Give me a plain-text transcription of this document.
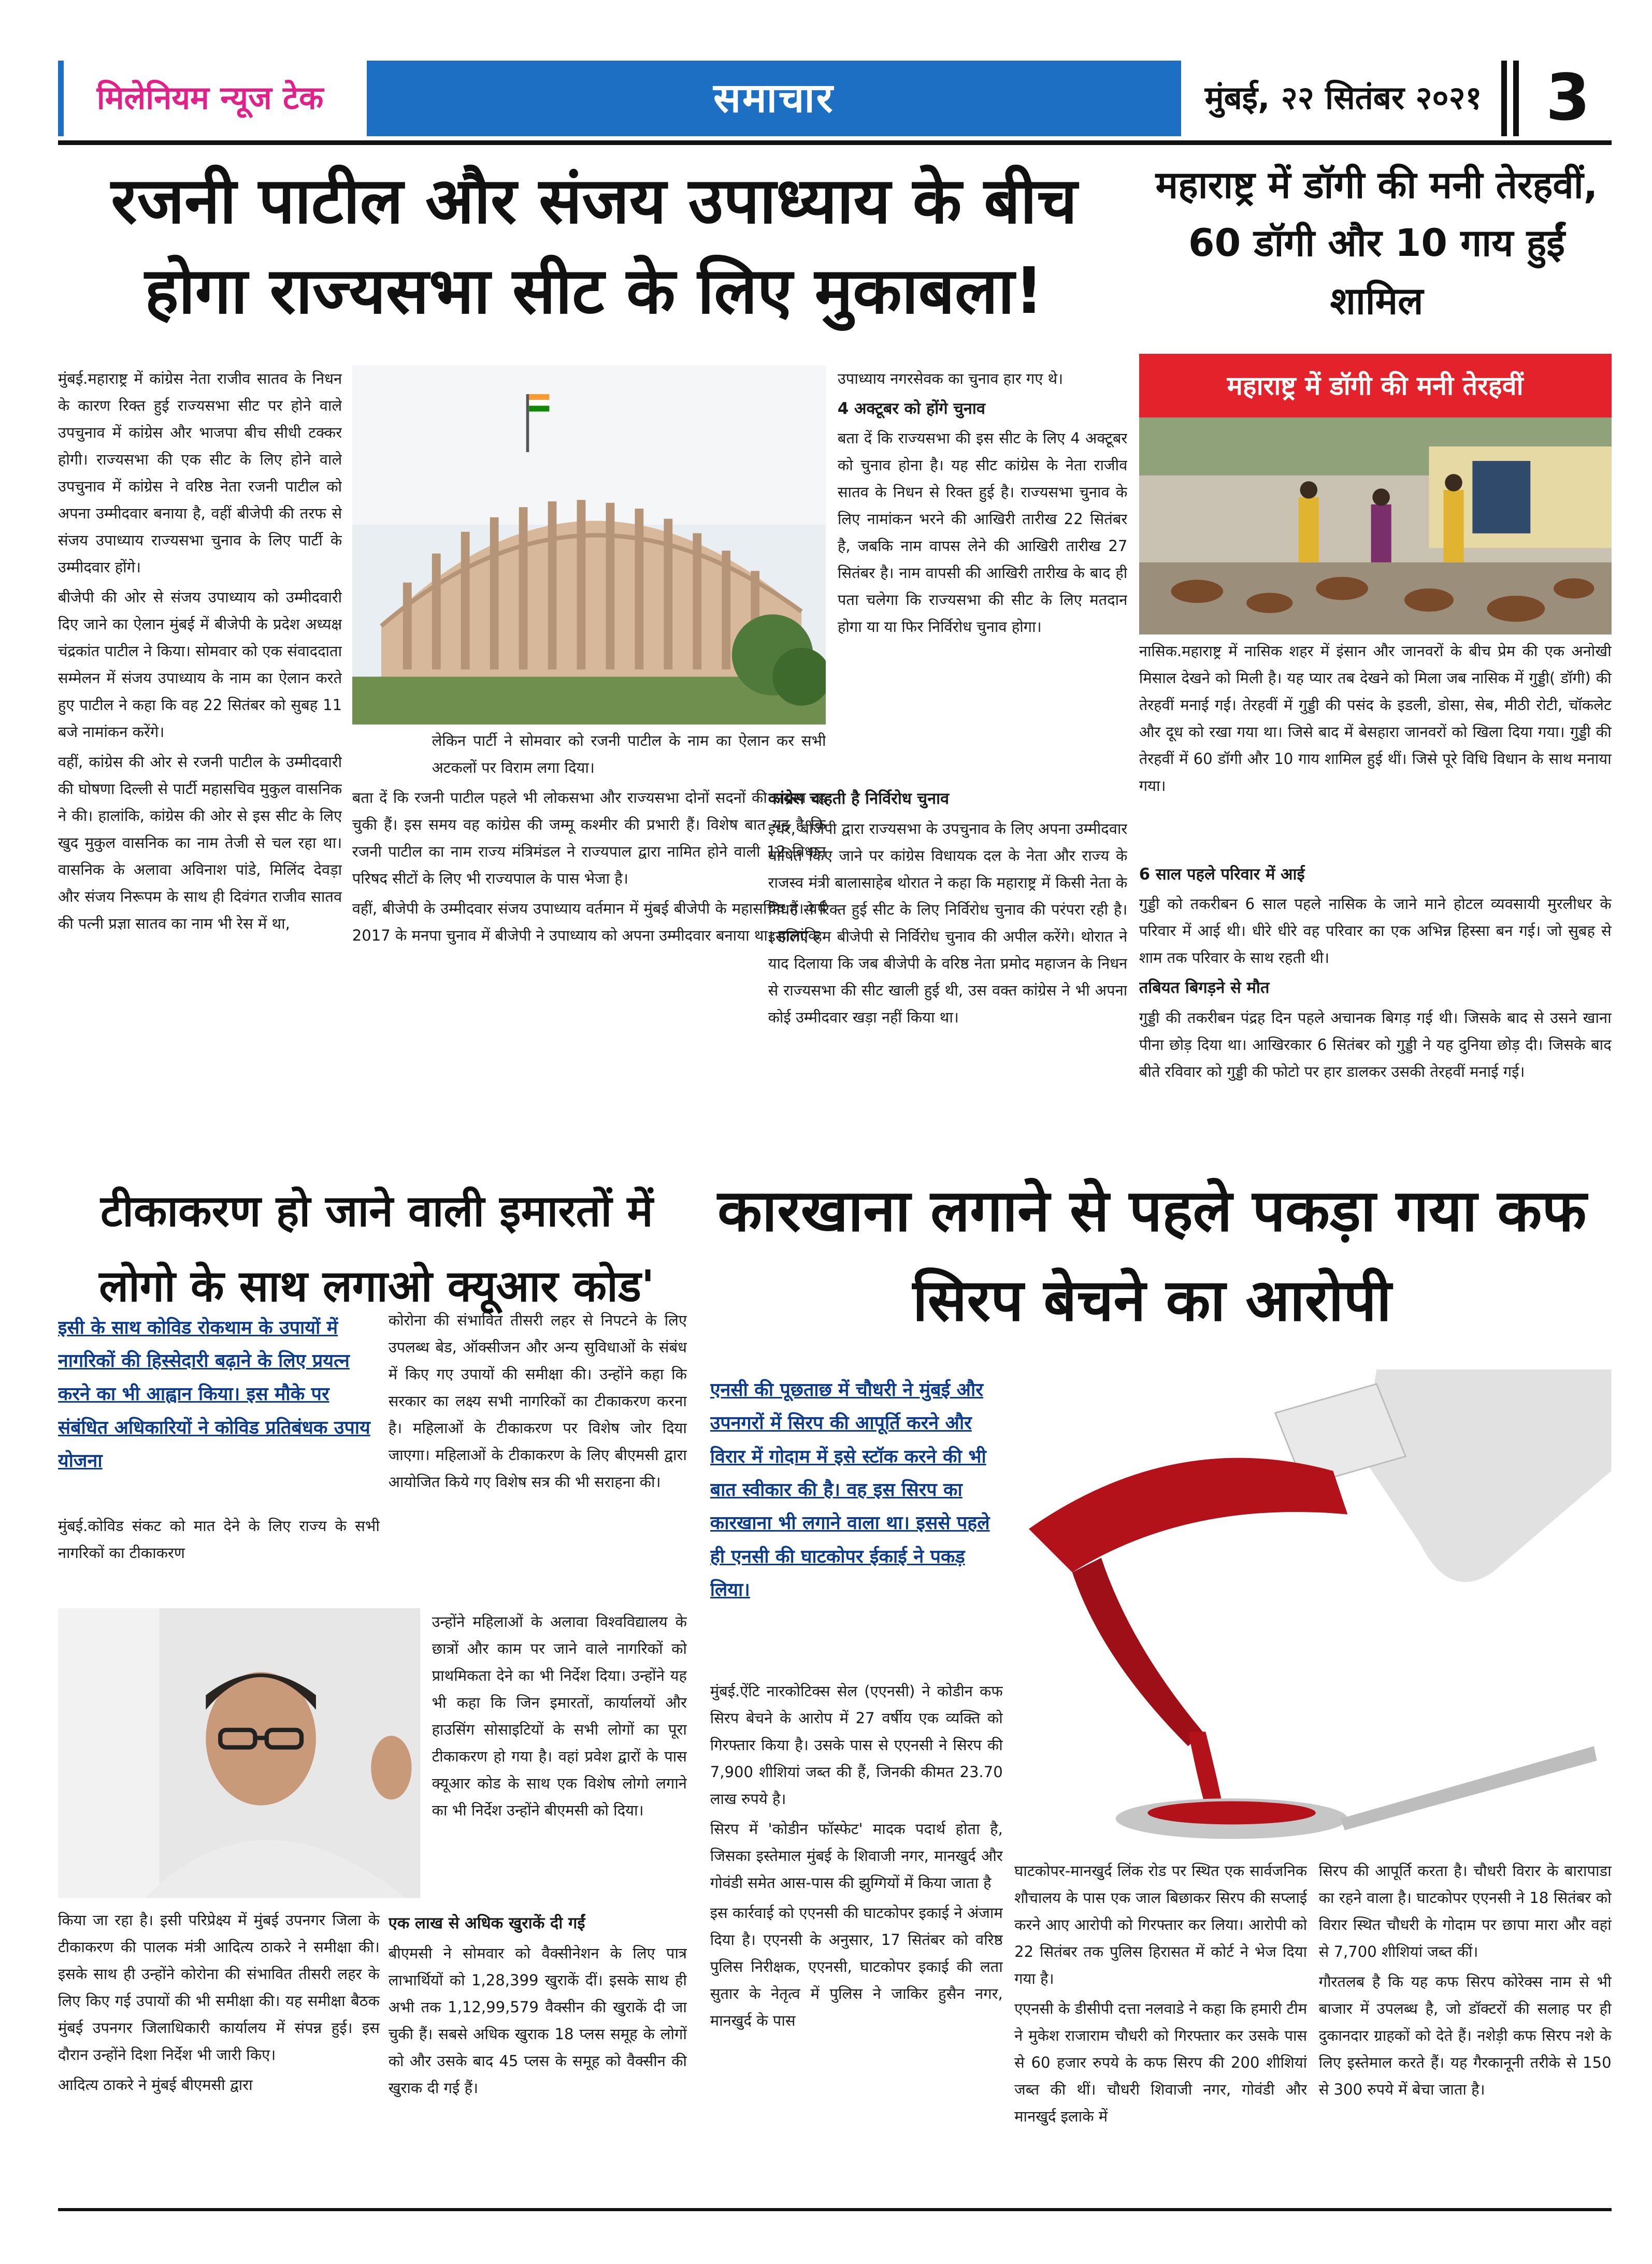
मिलेनियम न्यूज टेक	समाचार	मुंबई, २२ सितंबर २०२१	3
रजनी पाटील और संजय उपाध्याय के बीच होगा राज्यसभा सीट के लिए मुकाबला!

मुंबई.महाराष्ट्र में कांग्रेस नेता राजीव सातव के निधन के कारण रिक्त हुई राज्यसभा सीट पर होने वाले उपचुनाव में कांग्रेस और भाजपा बीच सीधी टक्कर होगी। राज्यसभा की एक सीट के लिए होने वाले उपचुनाव में कांग्रेस ने वरिष्ठ नेता रजनी पाटील को अपना उम्मीदवार बनाया है, वहीं बीजेपी की तरफ से संजय उपाध्याय राज्यसभा चुनाव के लिए पार्टी के उम्मीदवार होंगे।

बीजेपी की ओर से संजय उपाध्याय को उम्मीदवारी दिए जाने का ऐलान मुंबई में बीजेपी के प्रदेश अध्यक्ष चंद्रकांत पाटील ने किया। सोमवार को एक संवाददाता सम्मेलन में संजय उपाध्याय के नाम का ऐलान करते हुए पाटील ने कहा कि वह 22 सितंबर को सुबह 11 बजे नामांकन करेंगे।

वहीं, कांग्रेस की ओर से रजनी पाटील के उम्मीदवारी की घोषणा दिल्ली से पार्टी महासचिव मुकुल वासनिक ने की। हालांकि, कांग्रेस की ओर से इस सीट के लिए खुद मुकुल वासनिक का नाम तेजी से चल रहा था। वासनिक के अलावा अविनाश पांडे, मिलिंद देवड़ा और संजय निरूपम के साथ ही दिवंगत राजीव सातव की पत्नी प्रज्ञा सातव का नाम भी रेस में था,

लेकिन पार्टी ने सोमवार को रजनी पाटील के नाम का ऐलान कर सभी अटकलों पर विराम लगा दिया।

बता दें कि रजनी पाटील पहले भी लोकसभा और राज्यसभा दोनों सदनों की सदस्य रह चुकी हैं। इस समय वह कांग्रेस की जम्मू कश्मीर की प्रभारी हैं। विशेष बात यह है कि रजनी पाटील का नाम राज्य मंत्रिमंडल ने राज्यपाल द्वारा नामित होने वाली 12 विधान परिषद सीटों के लिए भी राज्यपाल के पास भेजा है।

वहीं, बीजेपी के उम्मीदवार संजय उपाध्याय वर्तमान में मुंबई बीजेपी के महासचिव हैं। वर्ष 2017 के मनपा चुनाव में बीजेपी ने उपाध्याय को अपना उम्मीदवार बनाया था। हालांकि

उपाध्याय नगरसेवक का चुनाव हार गए थे।

4 अक्टूबर को होंगे चुनाव

बता दें कि राज्यसभा की इस सीट के लिए 4 अक्टूबर को चुनाव होना है। यह सीट कांग्रेस के नेता राजीव सातव के निधन से रिक्त हुई है। राज्यसभा चुनाव के लिए नामांकन भरने की आखिरी तारीख 22 सितंबर है, जबकि नाम वापस लेने की आखिरी तारीख 27 सितंबर है। नाम वापसी की आखिरी तारीख के बाद ही पता चलेगा कि राज्यसभा की सीट के लिए मतदान होगा या या फिर निर्विरोध चुनाव होगा।

कांग्रेस चाहती है निर्विरोध चुनाव

इधर, बीजेपी द्वारा राज्यसभा के उपचुनाव के लिए अपना उम्मीदवार घोषित किए जाने पर कांग्रेस विधायक दल के नेता और राज्य के राजस्व मंत्री बालासाहेब थोरात ने कहा कि महाराष्ट्र में किसी नेता के निधन से रिक्त हुई सीट के लिए निर्विरोध चुनाव की परंपरा रही है। इसलिए हम बीजेपी से निर्विरोध चुनाव की अपील करेंगे। थोरात ने याद दिलाया कि जब बीजेपी के वरिष्ठ नेता प्रमोद महाजन के निधन से राज्यसभा की सीट खाली हुई थी, उस वक्त कांग्रेस ने भी अपना कोई उम्मीदवार खड़ा नहीं किया था।

महाराष्ट्र में डॉगी की मनी तेरहवीं, 60 डॉगी और 10 गाय हुईं शामिल
महाराष्ट्र में डॉगी की मनी तेरहवीं

नासिक.महाराष्ट्र में नासिक शहर में इंसान और जानवरों के बीच प्रेम की एक अनोखी मिसाल देखने को मिली है। यह प्यार तब देखने को मिला जब नासिक में गुड्डी( डॉगी) की तेरहवीं मनाई गई। तेरहवीं में गुड्डी की पसंद के इडली, डोसा, सेब, मीठी रोटी, चॉकलेट और दूध को रखा गया था। जिसे बाद में बेसहारा जानवरों को खिला दिया गया। गुड्डी की तेरहवीं में 60 डॉगी और 10 गाय शामिल हुई थीं। जिसे पूरे विधि विधान के साथ मनाया गया।

6 साल पहले परिवार में आई

गुड्डी को तकरीबन 6 साल पहले नासिक के जाने माने होटल व्यवसायी मुरलीधर के परिवार में आई थी। धीरे धीरे वह परिवार का एक अभिन्न हिस्सा बन गई। जो सुबह से शाम तक परिवार के साथ रहती थी।

तबियत बिगड़ने से मौत

गुड्डी की तकरीबन पंद्रह दिन पहले अचानक बिगड़ गई थी। जिसके बाद से उसने खाना पीना छोड़ दिया था। आखिरकार 6 सितंबर को गुड्डी ने यह दुनिया छोड़ दी। जिसके बाद बीते रविवार को गुड्डी की फोटो पर हार डालकर उसकी तेरहवीं मनाई गई।

टीकाकरण हो जाने वाली इमारतों में लोगो के साथ लगाओ क्यूआर कोड'
इसी के साथ कोविड रोकथाम के उपायों में नागरिकों की हिस्सेदारी बढ़ाने के लिए प्रयत्न करने का भी आह्वान किया। इस मौके पर संबंधित अधिकारियों ने कोविड प्रतिबंधक उपाय योजना

मुंबई.कोविड संकट को मात देने के लिए राज्य के सभी नागरिकों का टीकाकरण

कोरोना की संभावित तीसरी लहर से निपटने के लिए उपलब्ध बेड, ऑक्सीजन और अन्य सुविधाओं के संबंध में किए गए उपायों की समीक्षा की। उन्होंने कहा कि सरकार का लक्ष्य सभी नागरिकों का टीकाकरण करना है। महिलाओं के टीकाकरण पर विशेष जोर दिया जाएगा। महिलाओं के टीकाकरण के लिए बीएमसी द्वारा आयोजित किये गए विशेष सत्र की भी सराहना की।

उन्होंने महिलाओं के अलावा विश्वविद्यालय के छात्रों और काम पर जाने वाले नागरिकों को प्राथमिकता देने का भी निर्देश दिया। उन्होंने यह भी कहा कि जिन इमारतों, कार्यालयों और हाउसिंग सोसाइटियों के सभी लोगों का पूरा टीकाकरण हो गया है। वहां प्रवेश द्वारों के पास क्यूआर कोड के साथ एक विशेष लोगो लगाने का भी निर्देश उन्होंने बीएमसी को दिया।

किया जा रहा है। इसी परिप्रेक्ष्य में मुंबई उपनगर जिला के टीकाकरण की पालक मंत्री आदित्य ठाकरे ने समीक्षा की। इसके साथ ही उन्होंने कोरोना की संभावित तीसरी लहर के लिए किए गई उपायों की भी समीक्षा की। यह समीक्षा बैठक मुंबई उपनगर जिलाधिकारी कार्यालय में संपन्न हुई। इस दौरान उन्होंने दिशा निर्देश भी जारी किए।

आदित्य ठाकरे ने मुंबई बीएमसी द्वारा

एक लाख से अधिक खुराकें दी गईं

बीएमसी ने सोमवार को वैक्सीनेशन के लिए पात्र लाभार्थियों को 1,28,399 खुराकें दीं। इसके साथ ही अभी तक 1,12,99,579 वैक्सीन की खुराकें दी जा चुकी हैं। सबसे अधिक खुराक 18 प्लस समूह के लोगों को और उसके बाद 45 प्लस के समूह को वैक्सीन की खुराक दी गई हैं।

कारखाना लगाने से पहले पकड़ा गया कफ सिरप बेचने का आरोपी
एनसी की पूछताछ में चौधरी ने मुंबई और उपनगरों में सिरप की आपूर्ति करने और विरार में गोदाम में इसे स्टॉक करने की भी बात स्वीकार की है। वह इस सिरप का कारखाना भी लगाने वाला था। इससे पहले ही एनसी की घाटकोपर ईकाई ने पकड़ लिया।

मुंबई.ऐंटि नारकोटिक्स सेल (एएनसी) ने कोडीन कफ सिरप बेचने के आरोप में 27 वर्षीय एक व्यक्ति को गिरफ्तार किया है। उसके पास से एएनसी ने सिरप की 7,900 शीशियां जब्त की हैं, जिनकी कीमत 23.70 लाख रुपये है।

सिरप में 'कोडीन फॉस्फेट' मादक पदार्थ होता है, जिसका इस्तेमाल मुंबई के शिवाजी नगर, मानखुर्द और गोवंडी समेत आस-पास की झुग्गियों में किया जाता है

इस कार्रवाई को एएनसी की घाटकोपर इकाई ने अंजाम दिया है। एएनसी के अनुसार, 17 सितंबर को वरिष्ठ पुलिस निरीक्षक, एएनसी, घाटकोपर इकाई की लता सुतार के नेतृत्व में पुलिस ने जाकिर हुसैन नगर, मानखुर्द के पास

घाटकोपर-मानखुर्द लिंक रोड पर स्थित एक सार्वजनिक शौचालय के पास एक जाल बिछाकर सिरप की सप्लाई करने आए आरोपी को गिरफ्तार कर लिया। आरोपी को 22 सितंबर तक पुलिस हिरासत में कोर्ट ने भेज दिया गया है।

एएनसी के डीसीपी दत्ता नलवाडे ने कहा कि हमारी टीम ने मुकेश राजाराम चौधरी को गिरफ्तार कर उसके पास से 60 हजार रुपये के कफ सिरप की 200 शीशियां जब्त की थीं। चौधरी शिवाजी नगर, गोवंडी और मानखुर्द इलाके में

सिरप की आपूर्ति करता है। चौधरी विरार के बारापाडा का रहने वाला है। घाटकोपर एएनसी ने 18 सितंबर को विरार स्थित चौधरी के गोदाम पर छापा मारा और वहां से 7,700 शीशियां जब्त कीं।

गौरतलब है कि यह कफ सिरप कोरेक्स नाम से भी बाजार में उपलब्ध है, जो डॉक्टरों की सलाह पर ही दुकानदार ग्राहकों को देते हैं। नशेड़ी कफ सिरप नशे के लिए इस्तेमाल करते हैं। यह गैरकानूनी तरीके से 150 से 300 रुपये में बेचा जाता है।
